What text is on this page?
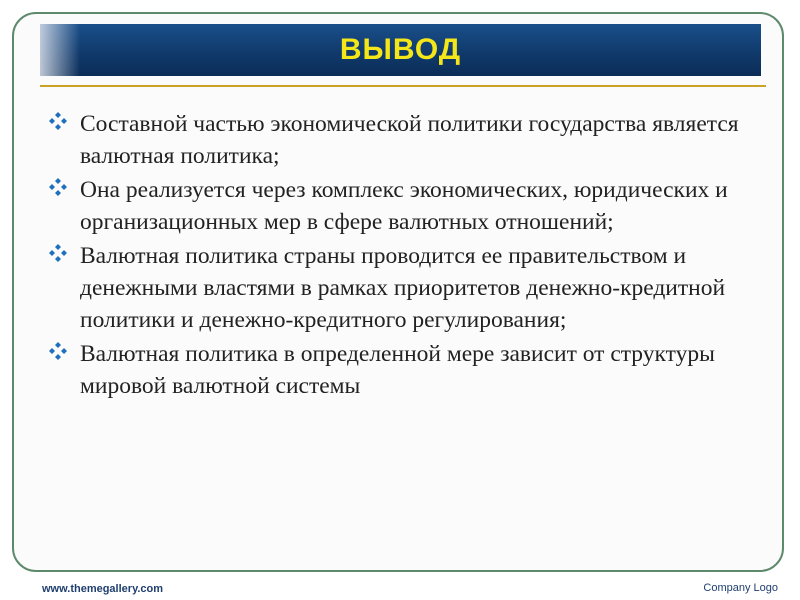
ВЫВОД
Составной частью экономической политики государства является валютная политика;
Она реализуется через комплекс экономических, юридических и организационных мер в сфере валютных отношений;
Валютная политика страны проводится ее правительством и денежными властями в рамках приоритетов денежно-кредитной политики и денежно-кредитного регулирования;
Валютная политика в определенной мере зависит от структуры мировой валютной системы
www.themegallery.com	Company Logo
